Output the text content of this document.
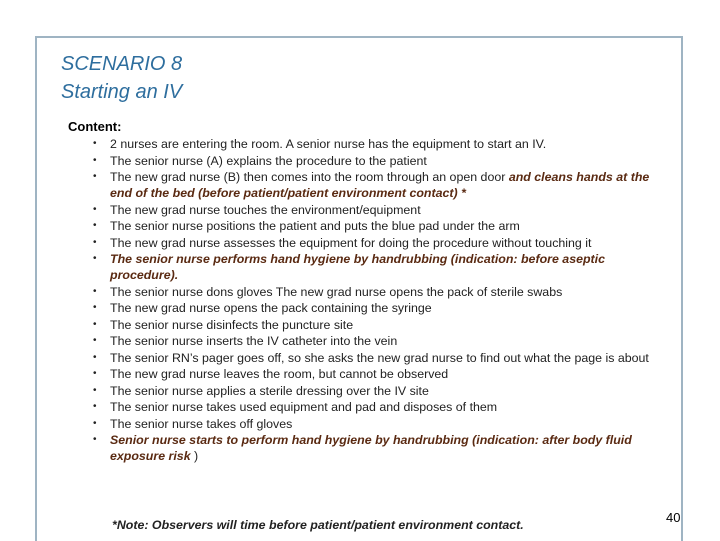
SCENARIO 8
Starting an IV
Content:
• 2 nurses are entering the room. A senior nurse has the equipment to start an IV.
• The senior nurse (A) explains the procedure to the patient
• The new grad nurse (B) then comes into the room through an open door and cleans hands at the end of the bed (before patient/patient environment contact) *
• The new grad nurse touches the environment/equipment
• The senior nurse positions the patient and puts the blue pad under the arm
• The new grad nurse assesses the equipment for doing the procedure without touching it
• The senior nurse performs hand hygiene by handrubbing (indication: before aseptic procedure).
• The senior nurse dons gloves The new grad nurse opens the pack of sterile swabs
• The new grad nurse opens the pack containing the syringe
• The senior nurse disinfects the puncture site
• The senior nurse inserts the IV catheter into the vein
• The senior RN’s pager goes off, so she asks the new grad nurse to find out what the page is about
• The new grad nurse leaves the room, but cannot be observed
• The senior nurse applies a sterile dressing over the IV site
• The senior nurse takes used equipment and pad and disposes of them
• The senior nurse takes off gloves
• Senior nurse starts to perform hand hygiene by handrubbing (indication: after body fluid exposure risk )
*Note: Observers will time before patient/patient environment contact.	40
